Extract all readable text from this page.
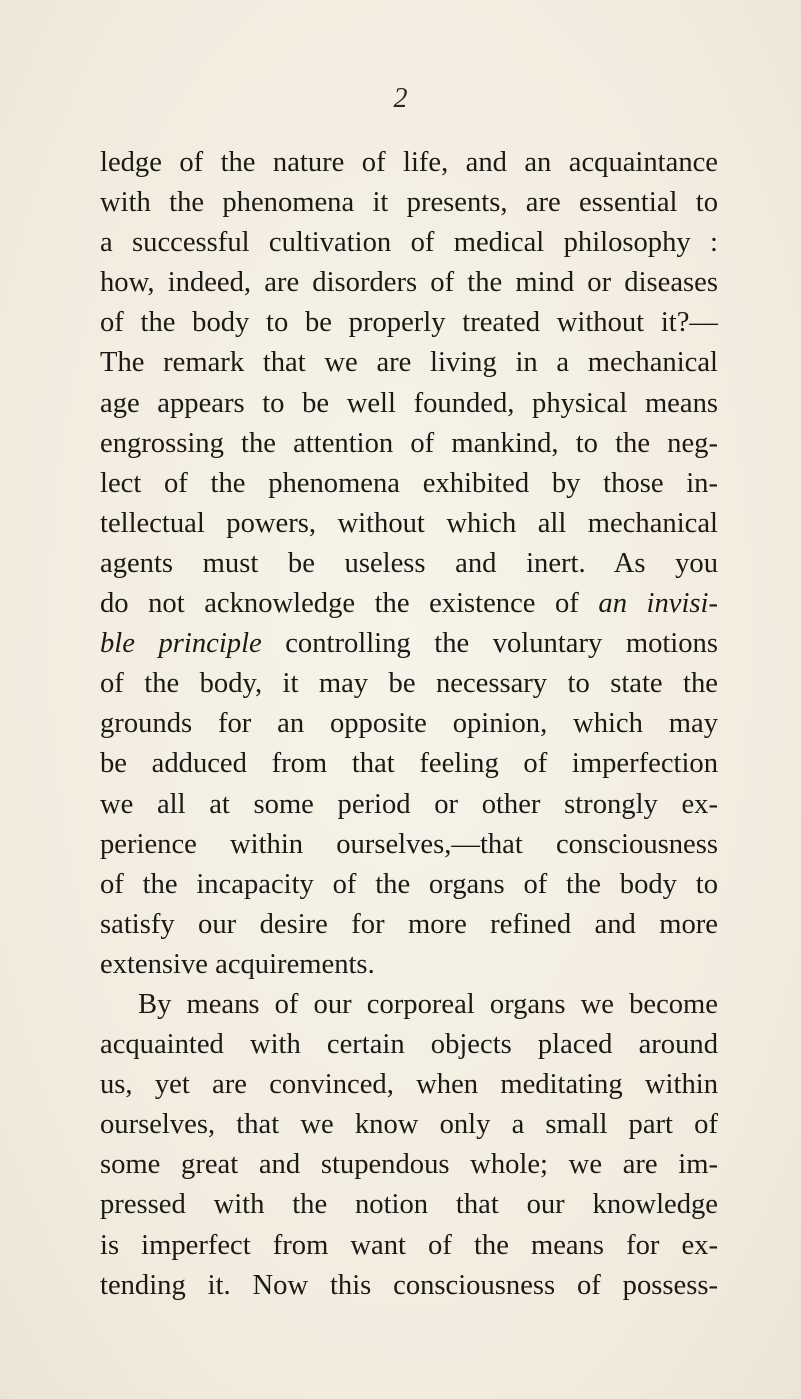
2
ledge of the nature of life, and an acquaintance
with the phenomena it presents, are essential to
a successful cultivation of medical philosophy :
how, indeed, are disorders of the mind or diseases
of the body to be properly treated without it?—
The remark that we are living in a mechanical
age appears to be well founded, physical means
engrossing the attention of mankind, to the neg-
lect of the phenomena exhibited by those in-
tellectual powers, without which all mechanical
agents must be useless and inert. As you
do not acknowledge the existence of an invisi-
ble principle controlling the voluntary motions
of the body, it may be necessary to state the
grounds for an opposite opinion, which may
be adduced from that feeling of imperfection
we all at some period or other strongly ex-
perience within ourselves,—that consciousness
of the incapacity of the organs of the body to
satisfy our desire for more refined and more
extensive acquirements.
By means of our corporeal organs we become
acquainted with certain objects placed around
us, yet are convinced, when meditating within
ourselves, that we know only a small part of
some great and stupendous whole; we are im-
pressed with the notion that our knowledge
is imperfect from want of the means for ex-
tending it. Now this consciousness of possess-
